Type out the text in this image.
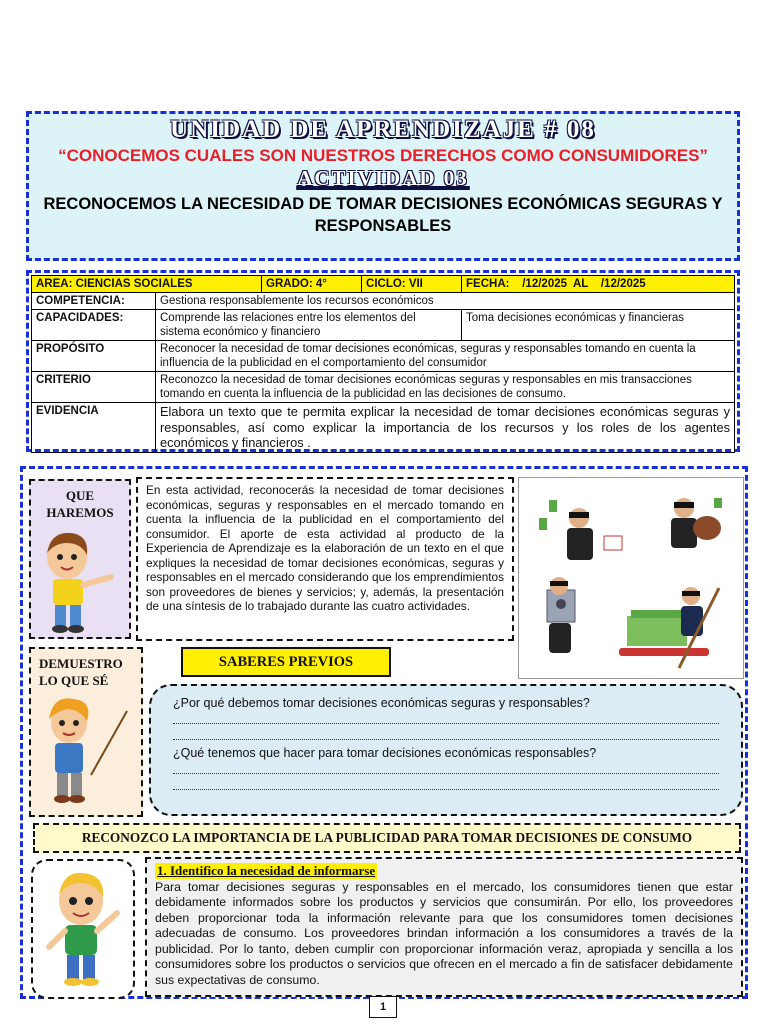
UNIDAD DE APRENDIZAJE # 08
“CONOCEMOS CUALES SON NUESTROS DERECHOS COMO CONSUMIDORES”
ACTIVIDAD 03
RECONOCEMOS LA NECESIDAD DE TOMAR DECISIONES ECONÓMICAS SEGURAS Y RESPONSABLES
AREA: CIENCIAS SOCIALES		GRADO: 4°	CICLO: VII	FECHA:    /12/2025  AL    /12/2025
COMPETENCIA:	Gestiona responsablemente los recursos económicos			
CAPACIDADES:	Comprende las relaciones entre los elementos del sistema económico y financiero			Toma decisiones económicas y financieras
PROPÓSITO	Reconocer la necesidad de tomar decisiones económicas, seguras y responsables tomando en cuenta la influencia de la publicidad en el comportamiento del consumidor			
CRITERIO	Reconozco la necesidad de tomar decisiones económicas seguras y responsables en mis transacciones tomando en cuenta la influencia de la publicidad en las decisiones de consumo.			
EVIDENCIA	Elabora un texto que te permita explicar la necesidad de tomar decisiones económicas seguras y responsables, así como explicar la importancia de los recursos y los roles de los agentes económicos y financieros .			
QUE HAREMOS
En esta actividad, reconocerás la necesidad de tomar decisiones económicas, seguras y responsables en el mercado tomando en cuenta la influencia de la publicidad en el comportamiento del consumidor. El aporte de esta actividad al producto de la Experiencia de Aprendizaje es la elaboración de un texto en el que expliques la necesidad de tomar decisiones económicas, seguras y responsables en el mercado considerando que los emprendimientos son proveedores de bienes y servicios; y, además, la presentación de una síntesis de lo trabajado durante las cuatro actividades.
DEMUESTRO LO QUE SÉ
SABERES PREVIOS
¿Por qué debemos tomar decisiones económicas seguras y responsables?
¿Qué tenemos que hacer para tomar decisiones económicas responsables?
RECONOZCO LA IMPORTANCIA DE LA PUBLICIDAD PARA TOMAR DECISIONES DE CONSUMO
1. Identifico la necesidad de informarse
Para tomar decisiones seguras y responsables en el mercado, los consumidores tienen que estar debidamente informados sobre los productos y servicios que consumirán. Por ello, los proveedores deben proporcionar toda la información relevante para que los consumidores tomen decisiones adecuadas de consumo. Los proveedores brindan información a los consumidores a través de la publicidad. Por lo tanto, deben cumplir con proporcionar información veraz, apropiada y sencilla a los consumidores sobre los productos o servicios que ofrecen en el mercado a fin de satisfacer debidamente sus expectativas de consumo.
1
